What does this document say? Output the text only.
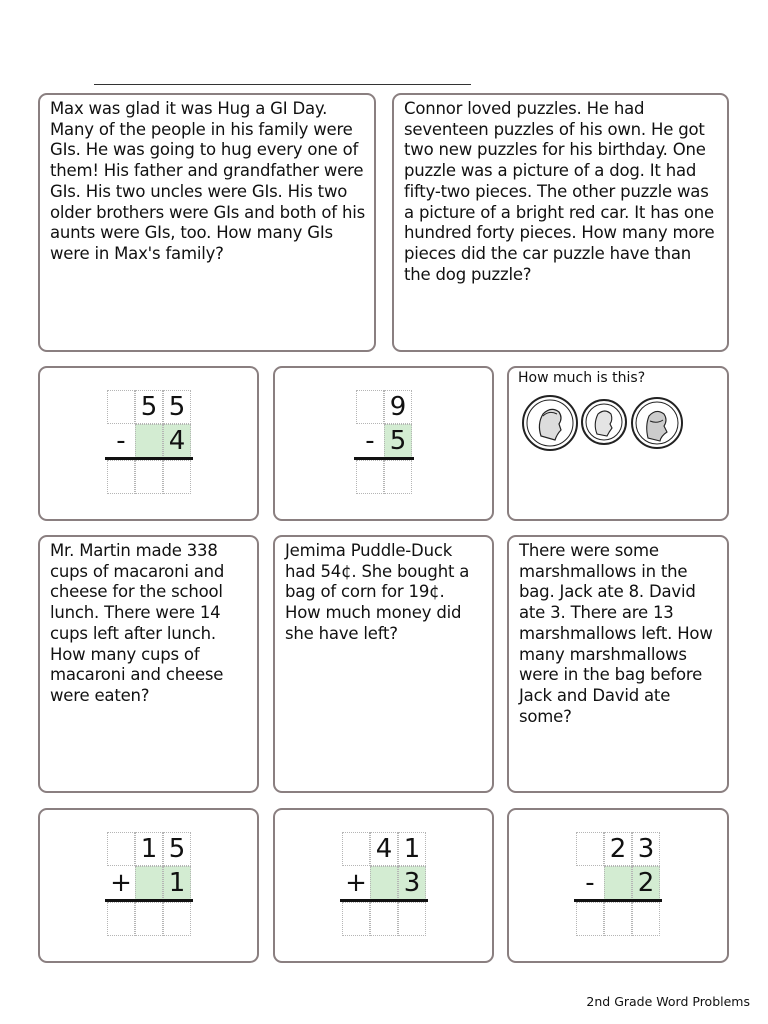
Max was glad it was Hug a GI Day. Many of the people in his family were GIs. He was going to hug every one of them! His father and grandfather were GIs. His two uncles were GIs. His two older brothers were GIs and both of his aunts were GIs, too. How many GIs were in Max's family?
Connor loved puzzles. He had seventeen puzzles of his own. He got two new puzzles for his birthday. One puzzle was a picture of a dog. It had fifty-two pieces. The other puzzle was a picture of a bright red car. It has one hundred forty pieces. How many more pieces did the car puzzle have than the dog puzzle?
5 5
-	4
9
- 5
How much is this?
Mr. Martin made 338 cups of macaroni and cheese for the school lunch. There were 14 cups left after lunch. How many cups of macaroni and cheese were eaten?
Jemima Puddle-Duck had 54¢. She bought a bag of corn for 19¢. How much money did she have left?
There were some marshmallows in the bag. Jack ate 8. David ate 3. There are 13 marshmallows left. How many marshmallows were in the bag before Jack and David ate some?
1 5
+ 1
4 1
+ 3
2 3
-	2
2nd Grade Word Problems
